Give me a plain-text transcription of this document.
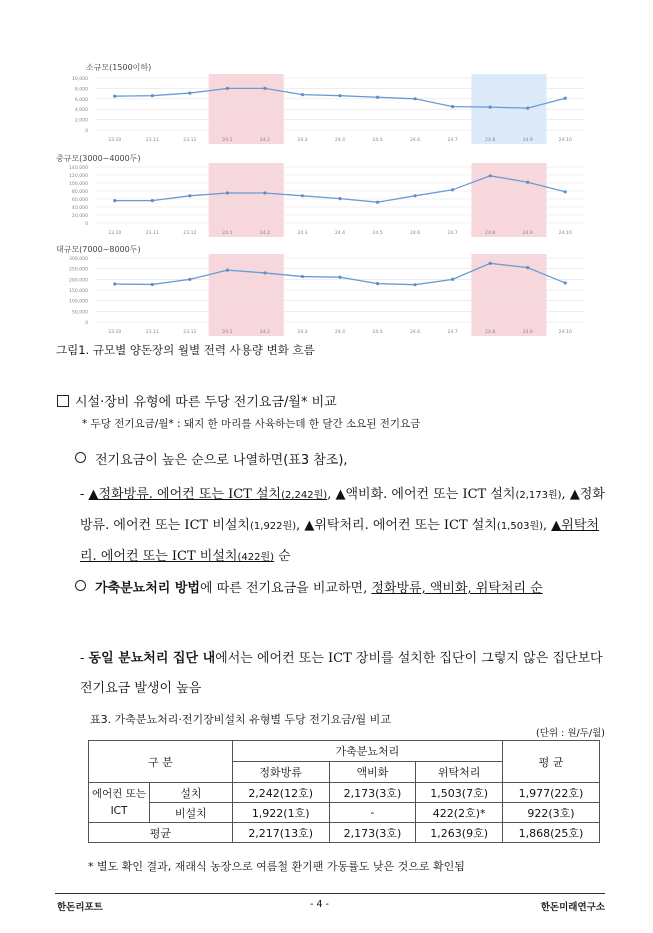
소규모(1500이하)
10,000
8,000
6,000
4,000
2,000
0
23.10	23.11	23.12	24.1	24.2	24.3	24.4	24.5	24.6	24.7	24.8	24.9	24.10
중규모(3000~4000두)
140,000
120,000
100,000
80,000
60,000
40,000
20,000
0
23.10	23.11	23.12	24.1	24.2	24.3	24.4	24.5	24.6	24.7	24.8	24.9	24.10
대규모(7000~8000두)
300,000
250,000
200,000
150,000
100,000
50,000
0
23.10	23.11	23.12	24.1	24.2	24.3	24.4	24.5	24.6	24.7	24.8	24.9	24.10
그림1. 규모별 양돈장의 월별 전력 사용량 변화 흐름
시설·장비 유형에 따른 두당 전기요금/월* 비교
* 두당 전기요금/월* : 돼지 한 마리를 사육하는데 한 달간 소요된 전기요금
전기요금이 높은 순으로 나열하면(표3 참조),
- ▲정화방류. 에어컨 또는 ICT 설치(2,242원), ▲액비화. 에어컨 또는 ICT 설치(2,173원), ▲정화방류. 에어컨 또는 ICT 비설치(1,922원), ▲위탁처리. 에어컨 또는 ICT 설치(1,503원), ▲위탁처리. 에어컨 또는 ICT 비설치(422원) 순
가축분뇨처리 방법에 따른 전기요금을 비교하면, 정화방류, 액비화, 위탁처리 순
- 동일 분뇨처리 집단 내에서는 에어컨 또는 ICT 장비를 설치한 집단이 그렇지 않은 집단보다 전기요금 발생이 높음
표3. 가축분뇨처리·전기장비설치 유형별 두당 전기요금/월 비교
(단위 : 원/두/월)
구 분		가축분뇨처리			평 균
		정화방류	액비화	위탁처리	
에어컨 또는ICT	설치	2,242(12호)	2,173(3호)	1,503(7호)	1,977(22호)
	비설치	1,922(1호)	-	422(2호)*	922(3호)
평균		2,217(13호)	2,173(3호)	1,263(9호)	1,868(25호)
* 별도 확인 결과, 재래식 농장으로 여름철 환기팬 가동률도 낮은 것으로 확인됨
한돈리포트	- 4 -	한돈미래연구소
